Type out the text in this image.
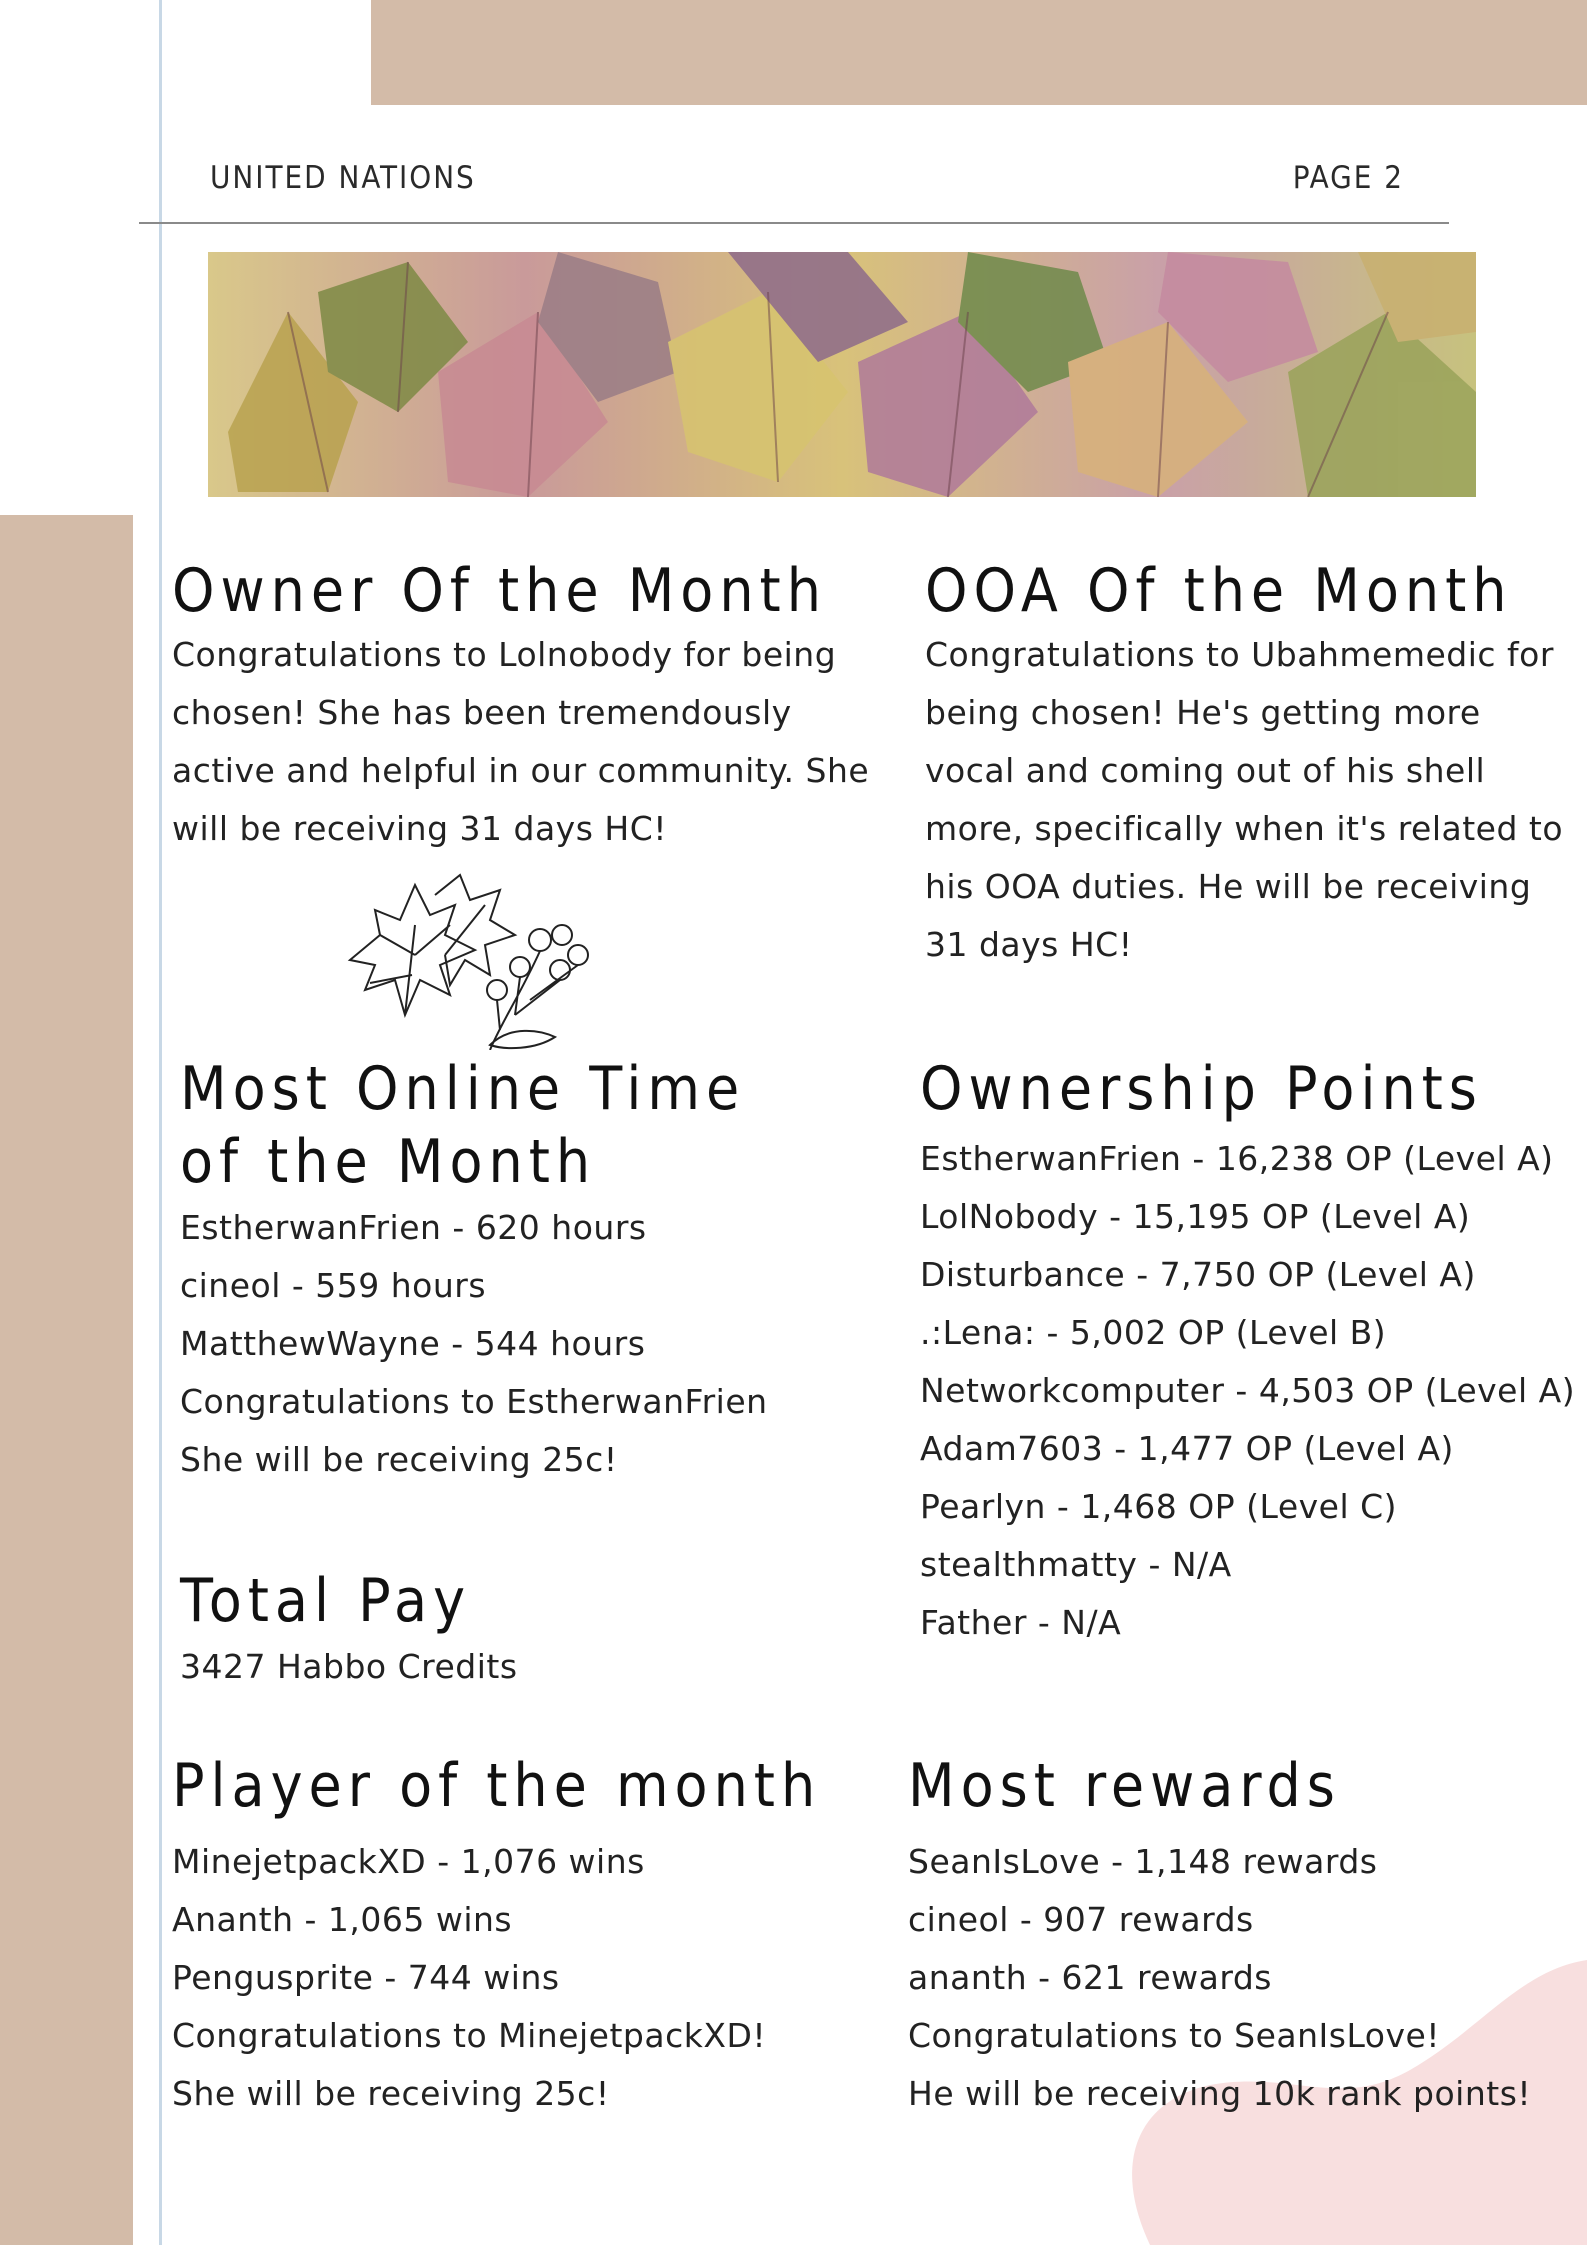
UNITED NATIONS	PAGE 2
Owner Of the Month

Congratulations to Lolnobody for being chosen! She has been tremendously active and helpful in our community. She will be receiving 31 days HC!

OOA Of the Month

Congratulations to Ubahmemedic for being chosen! He's getting more vocal and coming out of his shell more, specifically when it's related to his OOA duties. He will be receiving 31 days HC!

Most Online Time
of the Month
EstherwanFrien - 620 hours
cineol - 559 hours
MatthewWayne - 544 hours
Congratulations to EstherwanFrien
She will be receiving 25c!
Ownership Points
EstherwanFrien - 16,238 OP (Level A)
LolNobody - 15,195 OP (Level A)
Disturbance - 7,750 OP (Level A)
.:Lena: - 5,002 OP (Level B)
Networkcomputer - 4,503 OP (Level A)
Adam7603 - 1,477 OP (Level A)
Pearlyn - 1,468 OP (Level C)
stealthmatty - N/A
Father - N/A
Total Pay
3427 Habbo Credits
Player of the month
MinejetpackXD - 1,076 wins
Ananth - 1,065 wins
Pengusprite - 744 wins
Congratulations to MinejetpackXD!
She will be receiving 25c!
Most rewards
SeanIsLove - 1,148 rewards
cineol - 907 rewards
ananth - 621 rewards
Congratulations to SeanIsLove!
He will be receiving 10k rank points!
